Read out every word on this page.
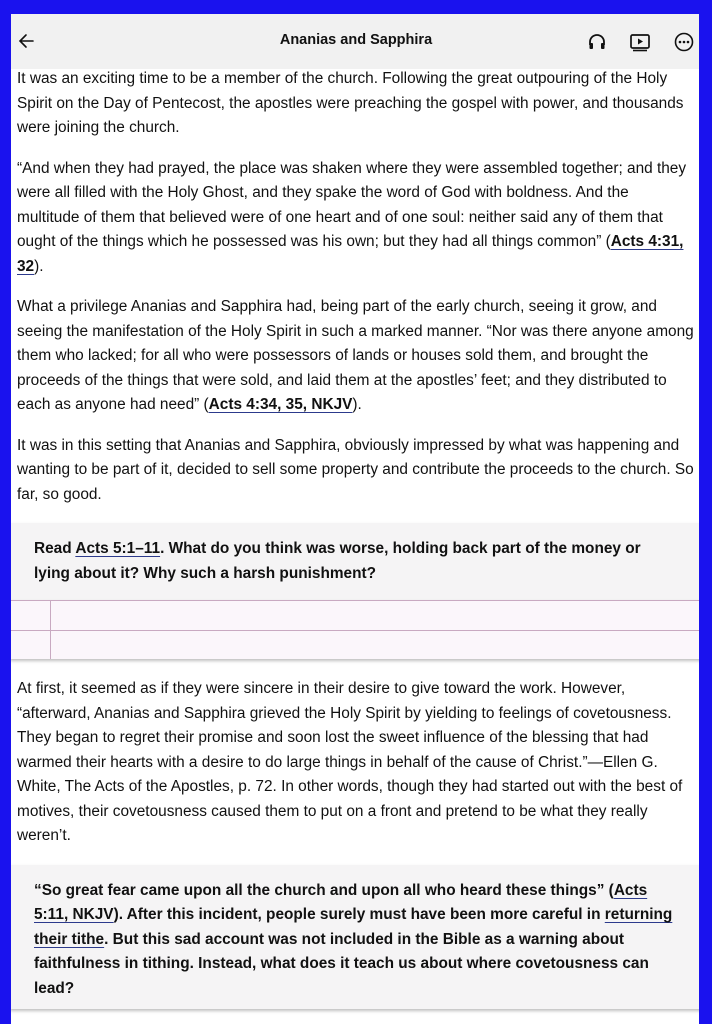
Ananias and Sapphira

It was an exciting time to be a member of the church. Following the great outpouring of the Holy Spirit on the Day of Pentecost, the apostles were preaching the gospel with power, and thousands were joining the church.

“And when they had prayed, the place was shaken where they were assembled together; and they were all filled with the Holy Ghost, and they spake the word of God with boldness. And the multitude of them that believed were of one heart and of one soul: neither said any of them that ought of the things which he possessed was his own; but they had all things common” (Acts 4:31, 32).

What a privilege Ananias and Sapphira had, being part of the early church, seeing it grow, and seeing the manifestation of the Holy Spirit in such a marked manner. “Nor was there anyone among them who lacked; for all who were possessors of lands or houses sold them, and brought the proceeds of the things that were sold, and laid them at the apostles’ feet; and they distributed to each as anyone had need” (Acts 4:34, 35, NKJV).

It was in this setting that Ananias and Sapphira, obviously impressed by what was happening and wanting to be part of it, decided to sell some property and contribute the proceeds to the church. So far, so good.

Read Acts 5:1–11. What do you think was worse, holding back part of the money or lying about it? Why such a harsh punishment?

At first, it seemed as if they were sincere in their desire to give toward the work. However, “afterward, Ananias and Sapphira grieved the Holy Spirit by yielding to feelings of covetousness. They began to regret their promise and soon lost the sweet influence of the blessing that had warmed their hearts with a desire to do large things in behalf of the cause of Christ.”—Ellen G. White, The Acts of the Apostles, p. 72. In other words, though they had started out with the best of motives, their covetousness caused them to put on a front and pretend to be what they really weren’t.

“So great fear came upon all the church and upon all who heard these things” (Acts 5:11, NKJV). After this incident, people surely must have been more careful in returning their tithe. But this sad account was not included in the Bible as a warning about faithfulness in tithing. Instead, what does it teach us about where covetousness can lead?
